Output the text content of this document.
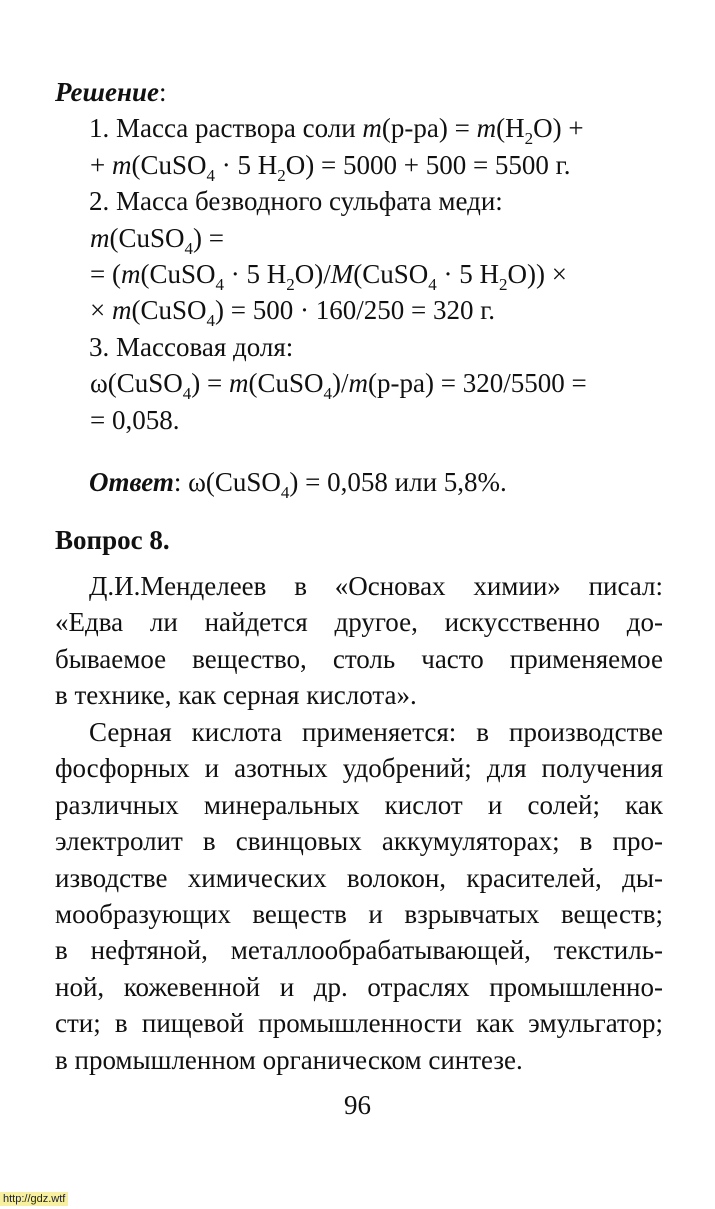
Решение:
1. Масса раствора соли $m(р-ра) = m(H_2O)$ +
+ m(CuSO$_4$ · 5 $H_2O) = 5000 + 500 = 5500$ г.
2. Масса безводного сульфата меди:
m(CuSO$_4$) =
= (m(CuSO$_4$ · 5 $H_2O)/M(CuSO_4 \cdot 5$ $H_2O$)) ×
× m(CuSO$_4$) = 500 · 160/250 = 320 г.
3. Массовая доля:
ω(CuSO$_4$) = m(CuSO$_4$)/m(р-ра) = 320/5500 =
= 0,058.
Ответ: ω(CuSO$_4$) = 0,058 или 5,8%.
Вопрос 8.
Д.И.Менделеев в «Основах химии» писал:
«Едва ли найдется другое, искусственно до-
бываемое вещество, столь часто применяемое
в технике, как серная кислота».
Серная кислота применяется: в производстве
фосфорных и азотных удобрений; для получения
различных минеральных кислот и солей; как
электролит в свинцовых аккумуляторах; в про-
изводстве химических волокон, красителей, ды-
мообразующих веществ и взрывчатых веществ;
в нефтяной, металлообрабатывающей, текстиль-
ной, кожевенной и др. отраслях промышленно-
сти; в пищевой промышленности как эмульгатор;
в промышленном органическом синтезе.
96
http://gdz.wtf
